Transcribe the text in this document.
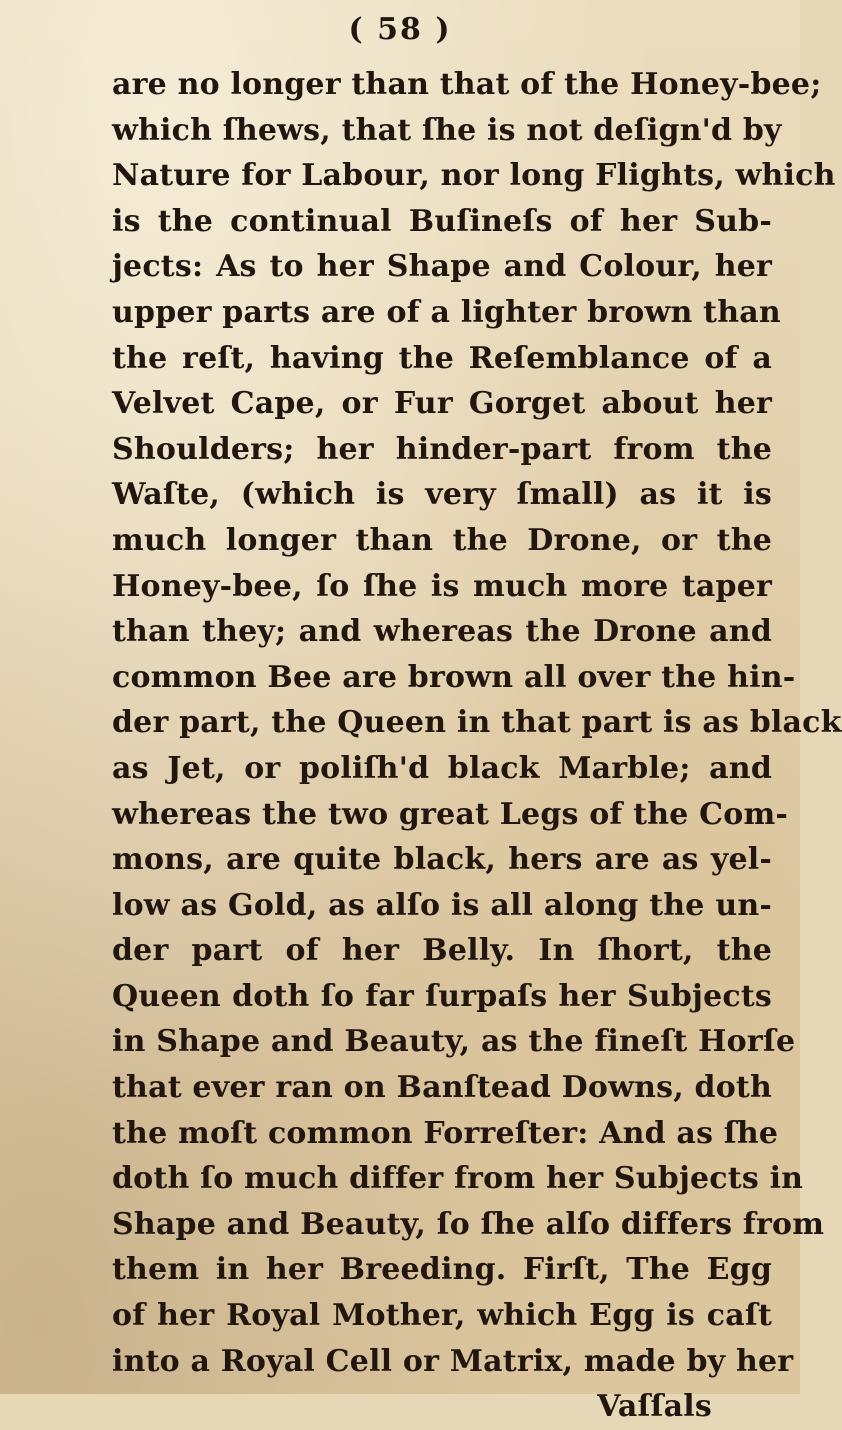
( 58 )
are no longer than that of the Honey-bee;
which ſhews, that ſhe is not deſign'd by
Nature for Labour, nor long Flights, which
is the continual Buſineſs of her Sub-
jects: As to her Shape and Colour, her
upper parts are of a lighter brown than
the reſt, having the Reſemblance of a
Velvet Cape, or Fur Gorget about her
Shoulders; her hinder-part from the
Waſte, (which is very ſmall) as it is
much longer than the Drone, or the
Honey-bee, ſo ſhe is much more taper
than they; and whereas the Drone and
common Bee are brown all over the hin-
der part, the Queen in that part is as black
as Jet, or poliſh'd black Marble; and
whereas the two great Legs of the Com-
mons, are quite black, hers are as yel-
low as Gold, as alſo is all along the un-
der part of her Belly. In ſhort, the
Queen doth ſo far ſurpaſs her Subjects
in Shape and Beauty, as the fineſt Horſe
that ever ran on Banſtead Downs, doth
the moſt common Forreſter: And as ſhe
doth ſo much differ from her Subjects in
Shape and Beauty, ſo ſhe alſo differs from
them in her Breeding. Firſt, The Egg
of her Royal Mother, which Egg is caſt
into a Royal Cell or Matrix, made by her
Vaſſals
